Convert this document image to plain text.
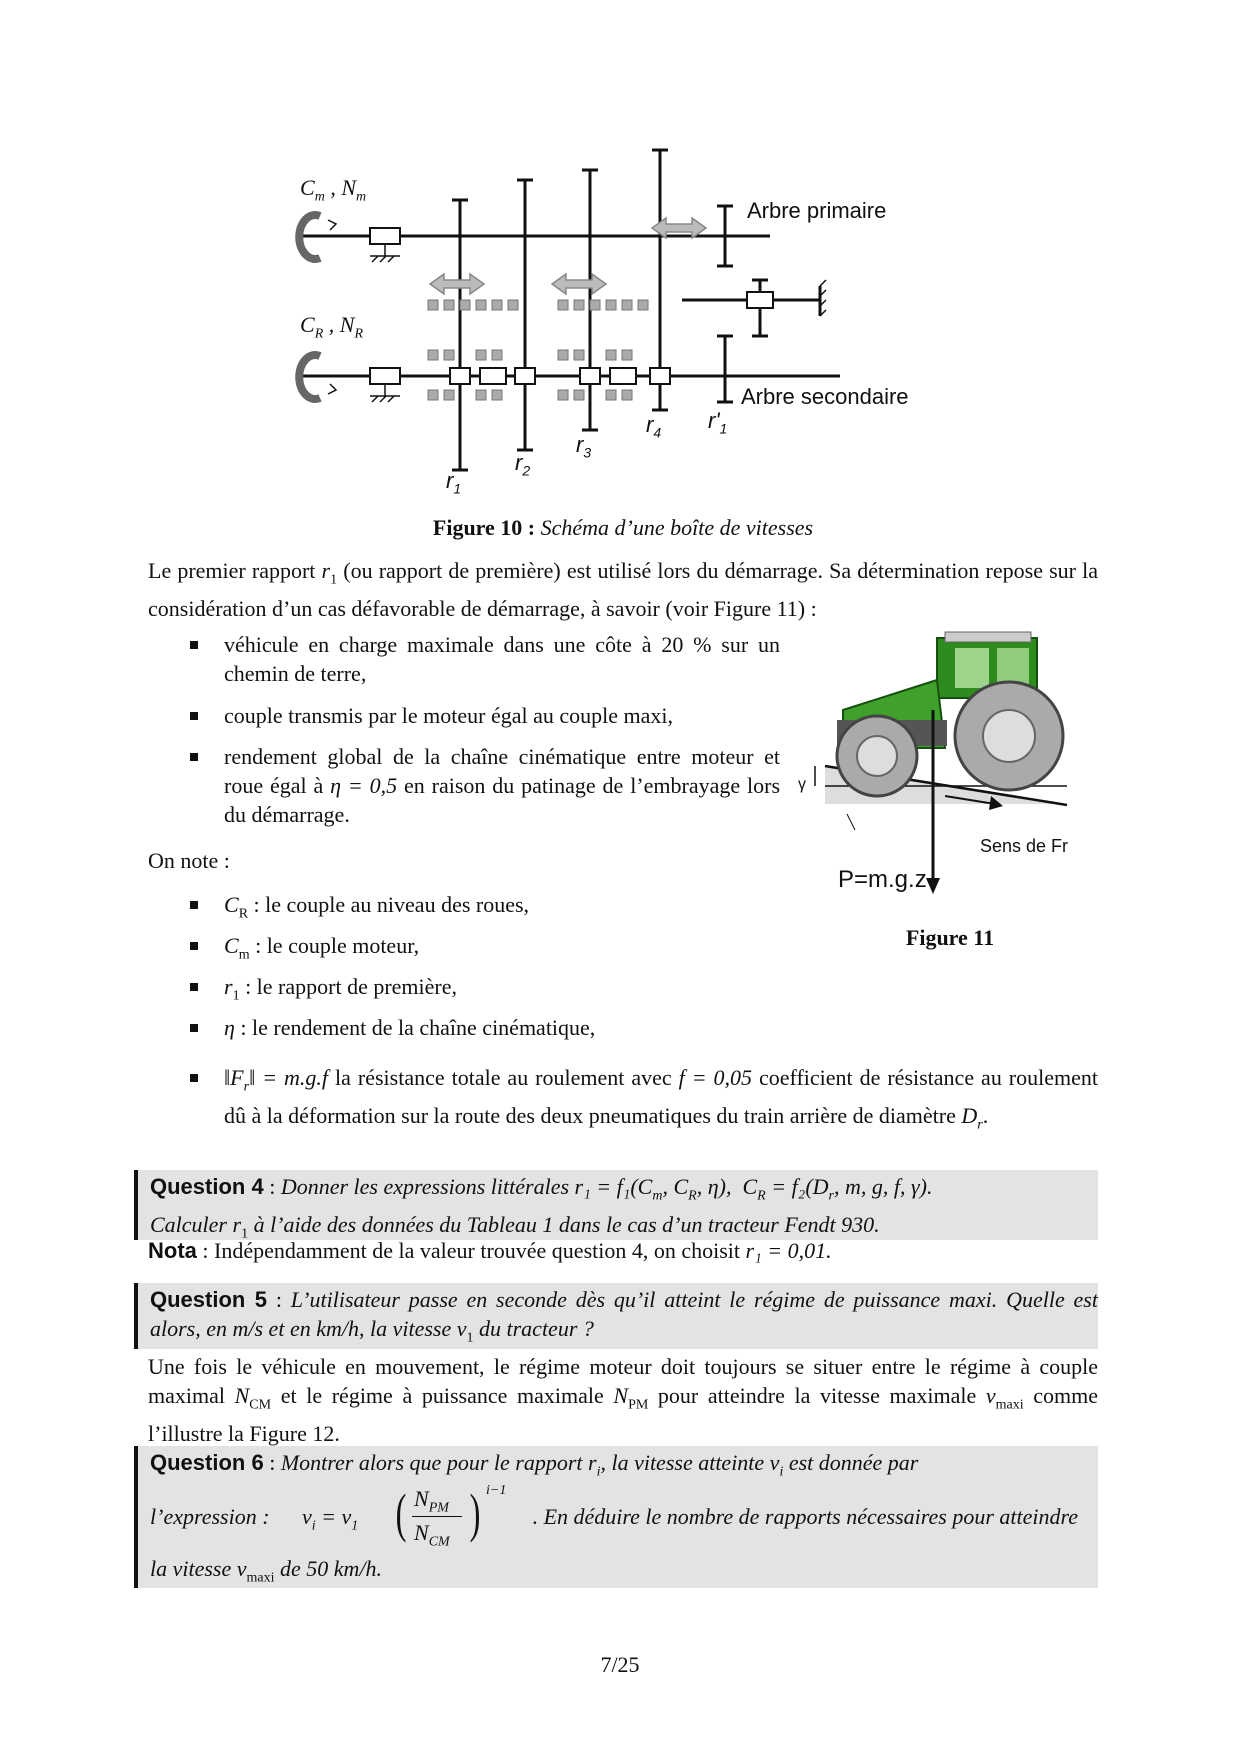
$C_m$ , $N_m$
$C_R$ , $N_R$
Arbre primaire
Arbre secondaire
$r_1$
$r_2$
$r_3$
$r_4$ $r'_1$
Figure 10 : Schéma d’une boîte de vitesses
Le premier rapport $r_1$ (ou rapport de première) est utilisé lors du démarrage. Sa détermination repose sur la considération d’un cas défavorable de démarrage, à savoir (voir Figure 11) :
véhicule en charge maximale dans une côte à 20 % sur un chemin de terre,
couple transmis par le moteur égal au couple maxi,
rendement global de la chaîne cinématique entre moteur et roue égal à η = 0,5 en raison du patinage de l’embrayage lors du démarrage.
On note :
$C_R$ : le couple au niveau des roues,
$C_m$ : le couple moteur,
$r_1$ : le rapport de première,
η : le rendement de la chaîne cinématique,
$‖F_r‖ = m.g.f$ la résistance totale au roulement avec f = 0,05 coefficient de résistance au roulement dû à la déformation sur la route des deux pneumatiques du train arrière de diamètre $D_r$.
γ
Sens de Fr
P=m.g.z
Figure 11
Question 4 : Donner les expressions littérales $r_1 = f_1(C_m$, $C_R$, η), $C_R = f_2(D_r$, m, g, f, γ).
Calculer $r_1$ à l’aide des données du Tableau 1 dans le cas d’un tracteur Fendt 930.
Nota : Indépendamment de la valeur trouvée question 4, on choisit r₁ = 0,01.
Question 5 : L’utilisateur passe en seconde dès qu’il atteint le régime de puissance maxi. Quelle est alors, en m/s et en km/h, la vitesse $v_1$ du tracteur ?
Une fois le véhicule en mouvement, le régime moteur doit toujours se situer entre le régime à couple maximal $N_{CM}$ et le régime à puissance maximale $N_{PM}$ pour atteindre la vitesse maximale $v_{maxi}$ comme l’illustre la Figure 12.
Question 6 : Montrer alors que pour le rapport $r_i$, la vitesse atteinte $v_i$ est donnée par
l’expression : $v_i = v_1$ ( $N_{PM}$
$N_{CM}$ ) i−1
. En déduire le nombre de rapports nécessaires pour atteindre
la vitesse $v_{maxi}$ de 50 km/h.
7/25
